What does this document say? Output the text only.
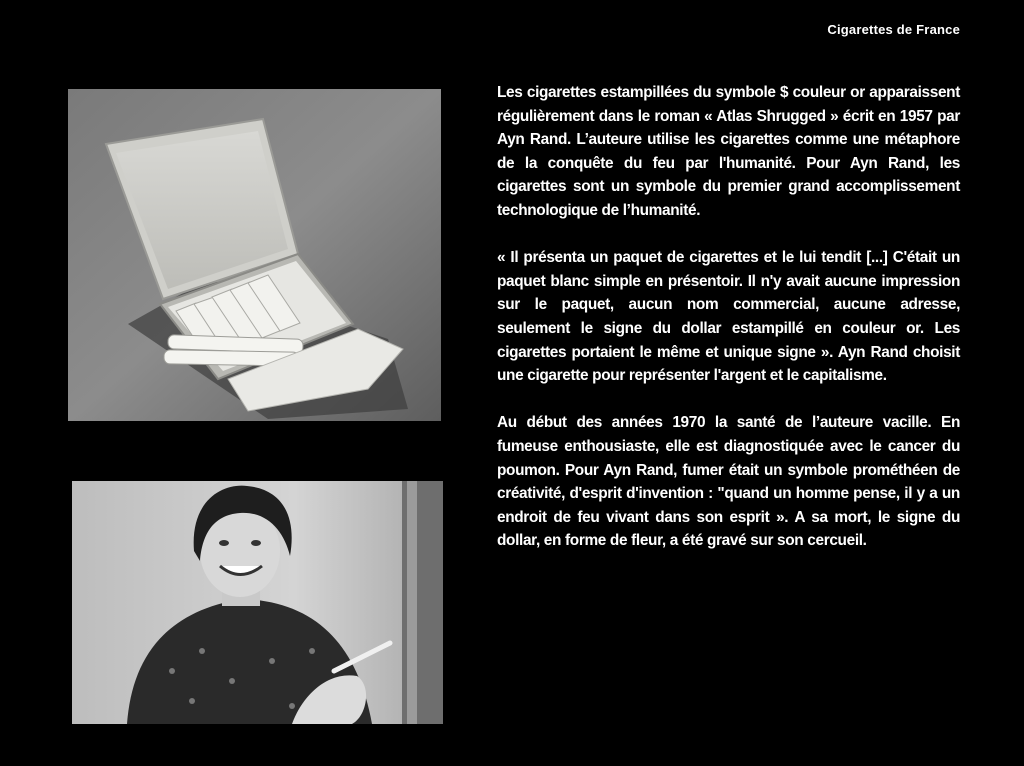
Cigarettes de France

Les cigarettes estampillées du symbole $ couleur or apparaissent régulièrement dans le roman « Atlas Shrugged » écrit en 1957 par Ayn Rand. L’auteure utilise les cigarettes comme une métaphore de la conquête du feu par l'humanité. Pour Ayn Rand, les cigarettes sont un symbole du premier grand accomplissement technologique de l’humanité.

« Il présenta un paquet de cigarettes et le lui tendit [...] C'était un paquet blanc simple en présentoir. Il n'y avait aucune impression sur le paquet, aucun nom commercial, aucune adresse, seulement le signe du dollar estampillé en couleur or. Les cigarettes portaient le même et unique signe ». Ayn Rand choisit une cigarette pour représenter l'argent et le capitalisme.

Au début des années 1970 la santé de l’auteure vacille. En fumeuse enthousiaste, elle est diagnostiquée avec le cancer du poumon. Pour Ayn Rand, fumer était un symbole prométhéen de créativité, d'esprit d'invention : "quand un homme pense, il y a un endroit de feu vivant dans son esprit ». A sa mort, le signe du dollar, en forme de fleur, a été gravé sur son cercueil.
